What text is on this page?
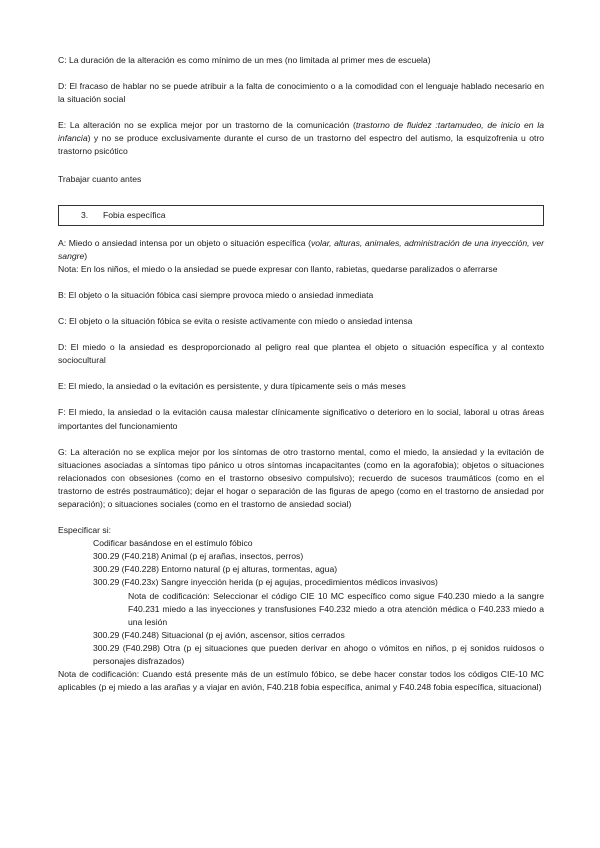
C: La duración de la alteración es como mínimo de un mes (no limitada al primer mes de escuela)

D: El fracaso de hablar no se puede atribuir a la falta de conocimiento o a la comodidad con el lenguaje hablado necesario en la situación social

E: La alteración no se explica mejor por un trastorno de la comunicación (trastorno de fluidez :tartamudeo, de inicio en la infancia) y no se produce exclusivamente durante el curso de un trastorno del espectro del autismo, la esquizofrenia u otro trastorno psicótico

Trabajar cuanto antes

3.	Fobia específica

A: Miedo o ansiedad intensa por un objeto o situación específica (volar, alturas, animales, administración de una inyección, ver sangre)

Nota: En los niños, el miedo o la ansiedad se puede expresar con llanto, rabietas, quedarse paralizados o aferrarse

B: El objeto o la situación fóbica casi siempre provoca miedo o ansiedad inmediata

C: El objeto o la situación fóbica se evita o resiste activamente con miedo o ansiedad intensa

D: El miedo o la ansiedad es desproporcionado al peligro real que plantea el objeto o situación específica y al contexto sociocultural

E: El miedo, la ansiedad o la evitación es persistente, y dura típicamente seis o más meses

F: El miedo, la ansiedad o la evitación causa malestar clínicamente significativo o deterioro en lo social, laboral u otras áreas importantes del funcionamiento

G: La alteración no se explica mejor por los síntomas de otro trastorno mental, como el miedo, la ansiedad y la evitación de situaciones asociadas a síntomas tipo pánico u otros síntomas incapacitantes (como en la agorafobia); objetos o situaciones relacionados con obsesiones (como en el trastorno obsesivo compulsivo); recuerdo de sucesos traumáticos (como en el trastorno de estrés postraumático); dejar el hogar o separación de las figuras de apego (como en el trastorno de ansiedad por separación); o situaciones sociales (como en el trastorno de ansiedad social)

Especificar si:

Codificar basándose en el estímulo fóbico

300.29 (F40.218) Animal (p ej arañas, insectos, perros)

300.29 (F40.228) Entorno natural (p ej alturas, tormentas, agua)

300.29 (F40.23x) Sangre inyección herida (p ej agujas, procedimientos médicos invasivos)

Nota de codificación: Seleccionar el código CIE 10 MC específico como sigue F40.230 miedo a la sangre F40.231 miedo a las inyecciones y transfusiones F40.232 miedo a otra atención médica o F40.233 miedo a una lesión

300.29 (F40.248) Situacional (p ej avión, ascensor, sitios cerrados

300.29 (F40.298) Otra (p ej situaciones que pueden derivar en ahogo o vómitos en niños, p ej sonidos ruidosos o personajes disfrazados)

Nota de codificación: Cuando está presente más de un estímulo fóbico, se debe hacer constar todos los códigos CIE-10 MC aplicables (p ej miedo a las arañas y a viajar en avión, F40.218 fobia específica, animal y F40.248 fobia específica, situacional)
